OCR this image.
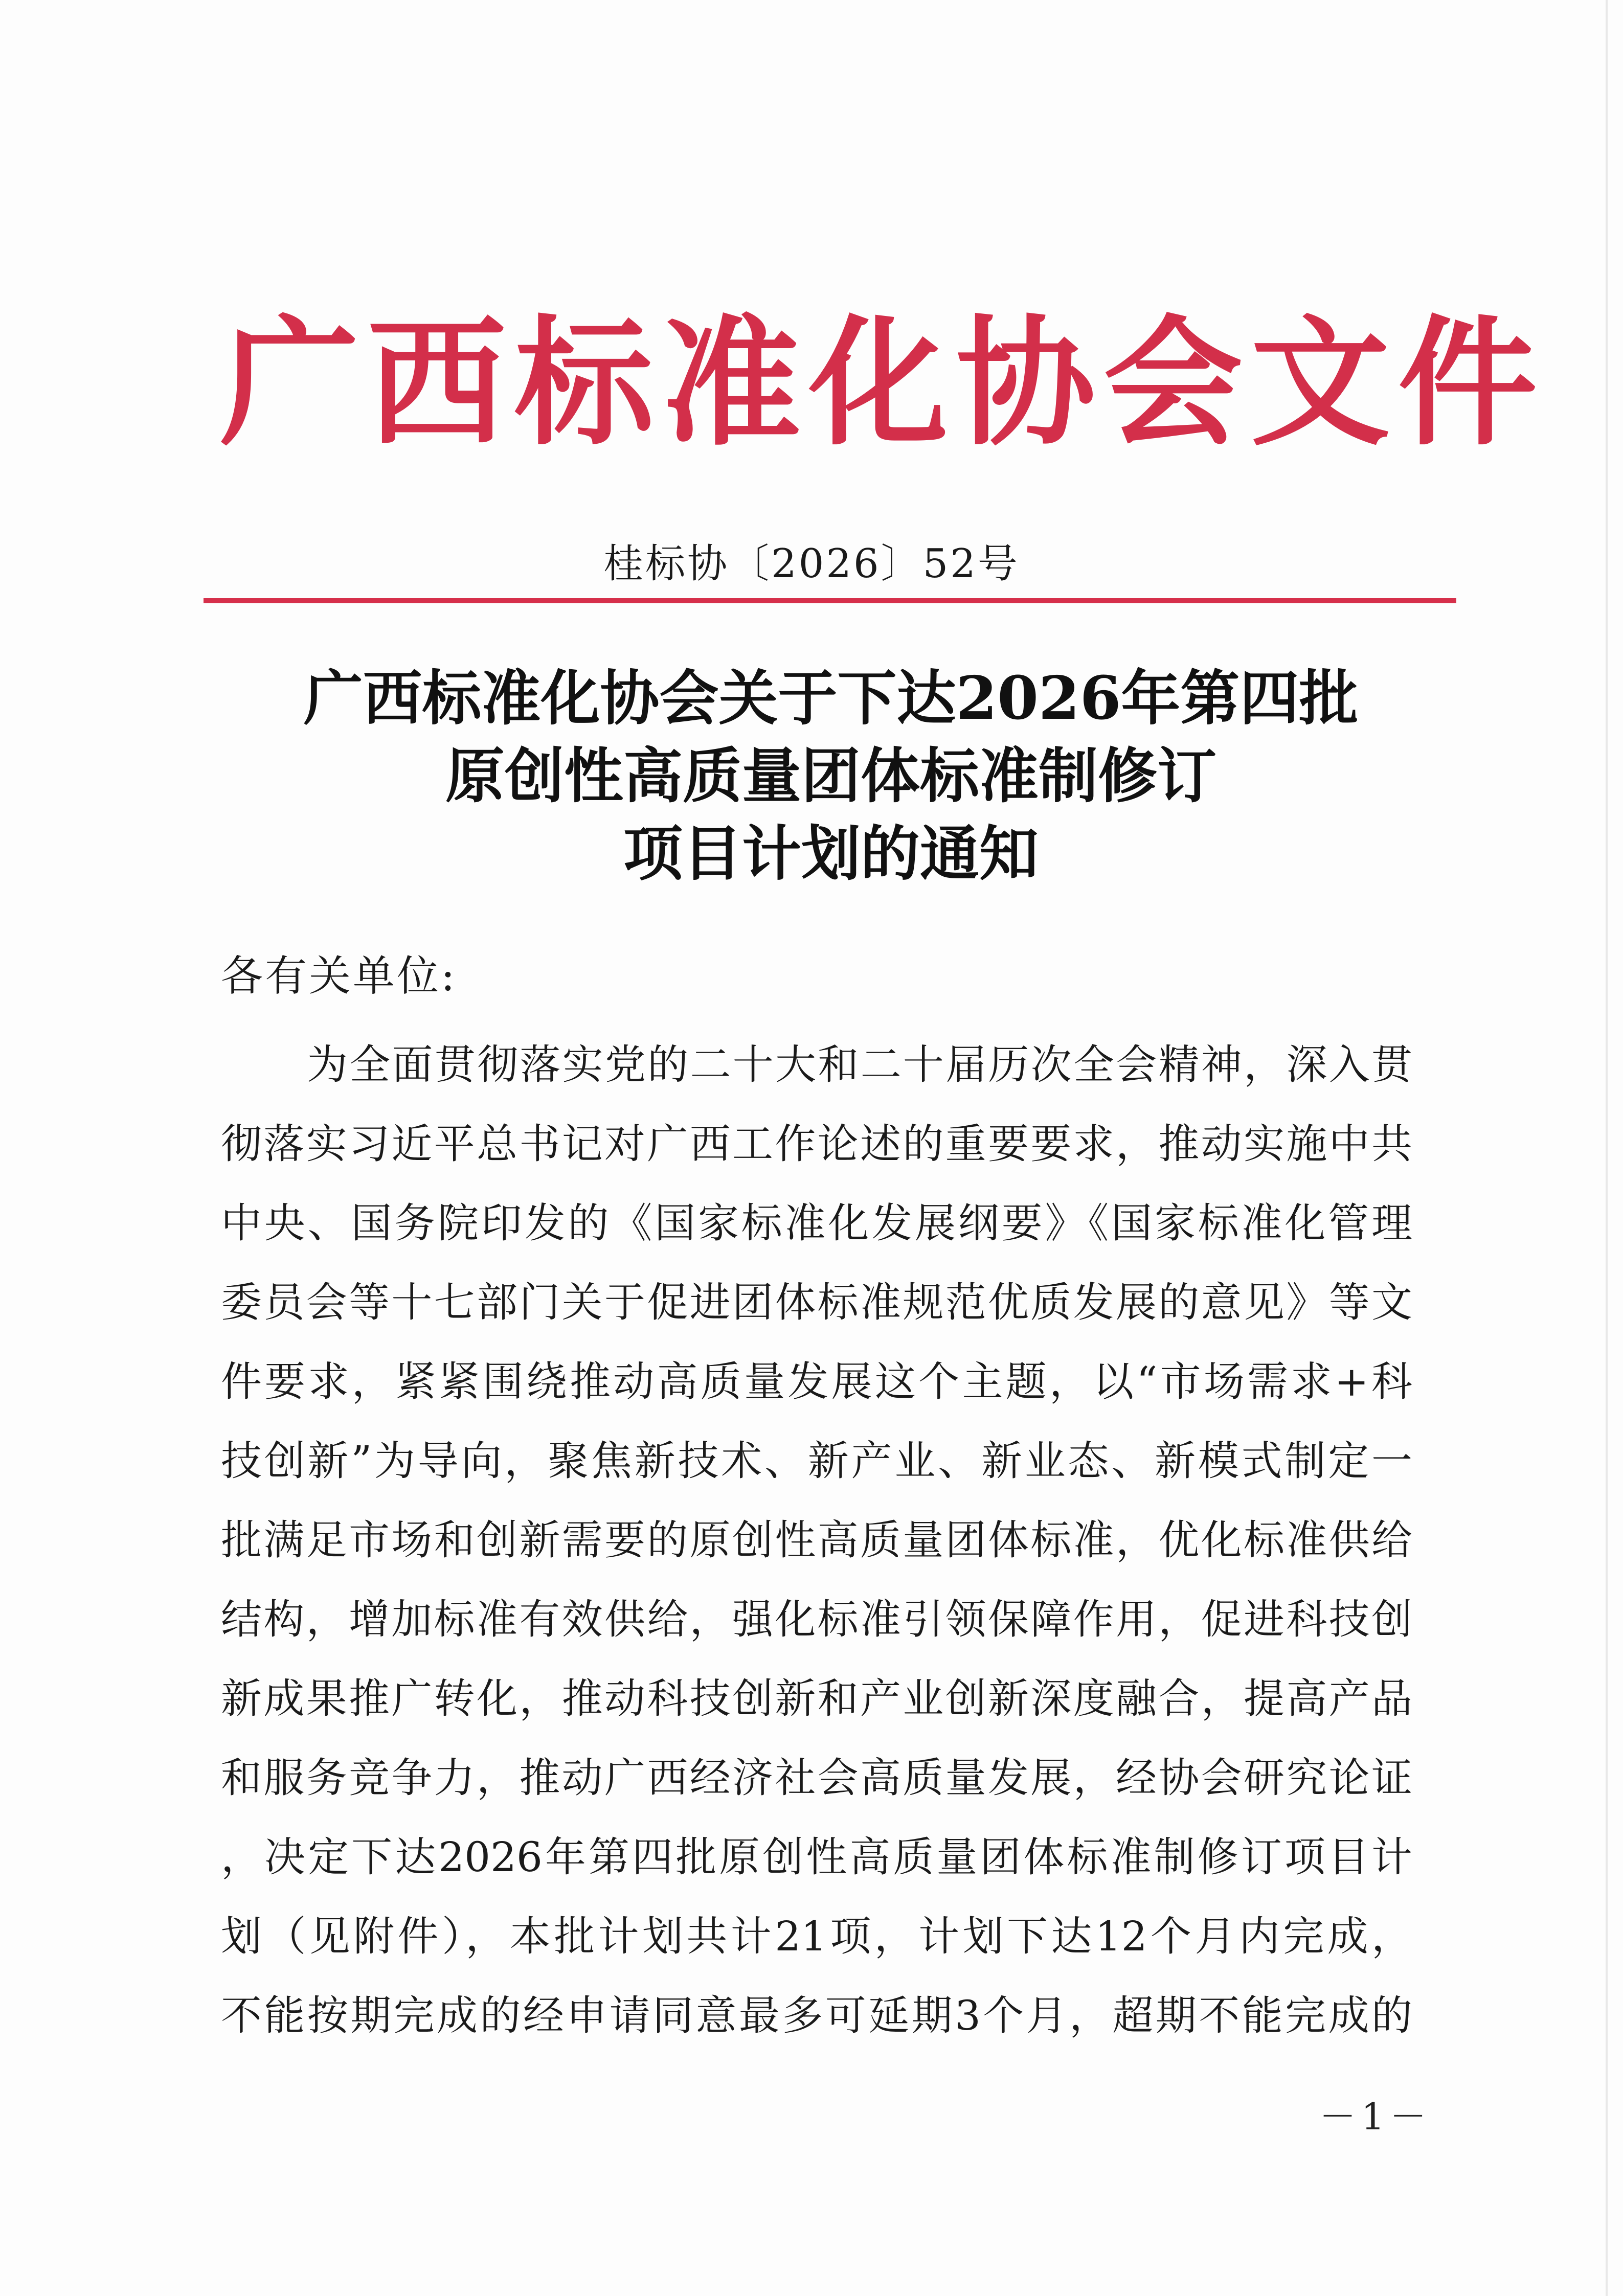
广西标准化协会文件
桂标协〔2026〕52号
广西标准化协会关于下达2026年第四批
原创性高质量团体标准制修订
项目计划的通知
各有关单位:
为全面贯彻落实党的二十大和二十届历次全会精神，深入贯
彻落实习近平总书记对广西工作论述的重要要求，推动实施中共
中央、国务院印发的《国家标准化发展纲要》《国家标准化管理
委员会等十七部门关于促进团体标准规范优质发展的意见》等文
件要求，紧紧围绕推动高质量发展这个主题，以“市场需求+科
技创新”为导向，聚焦新技术、新产业、新业态、新模式制定一
批满足市场和创新需要的原创性高质量团体标准，优化标准供给
结构，增加标准有效供给，强化标准引领保障作用，促进科技创
新成果推广转化，推动科技创新和产业创新深度融合，提高产品
和服务竞争力，推动广西经济社会高质量发展，经协会研究论证
，决定下达2026年第四批原创性高质量团体标准制修订项目计
划（见附件），本批计划共计21项，计划下达12个月内完成，
不能按期完成的经申请同意最多可延期3个月，超期不能完成的
－1－
